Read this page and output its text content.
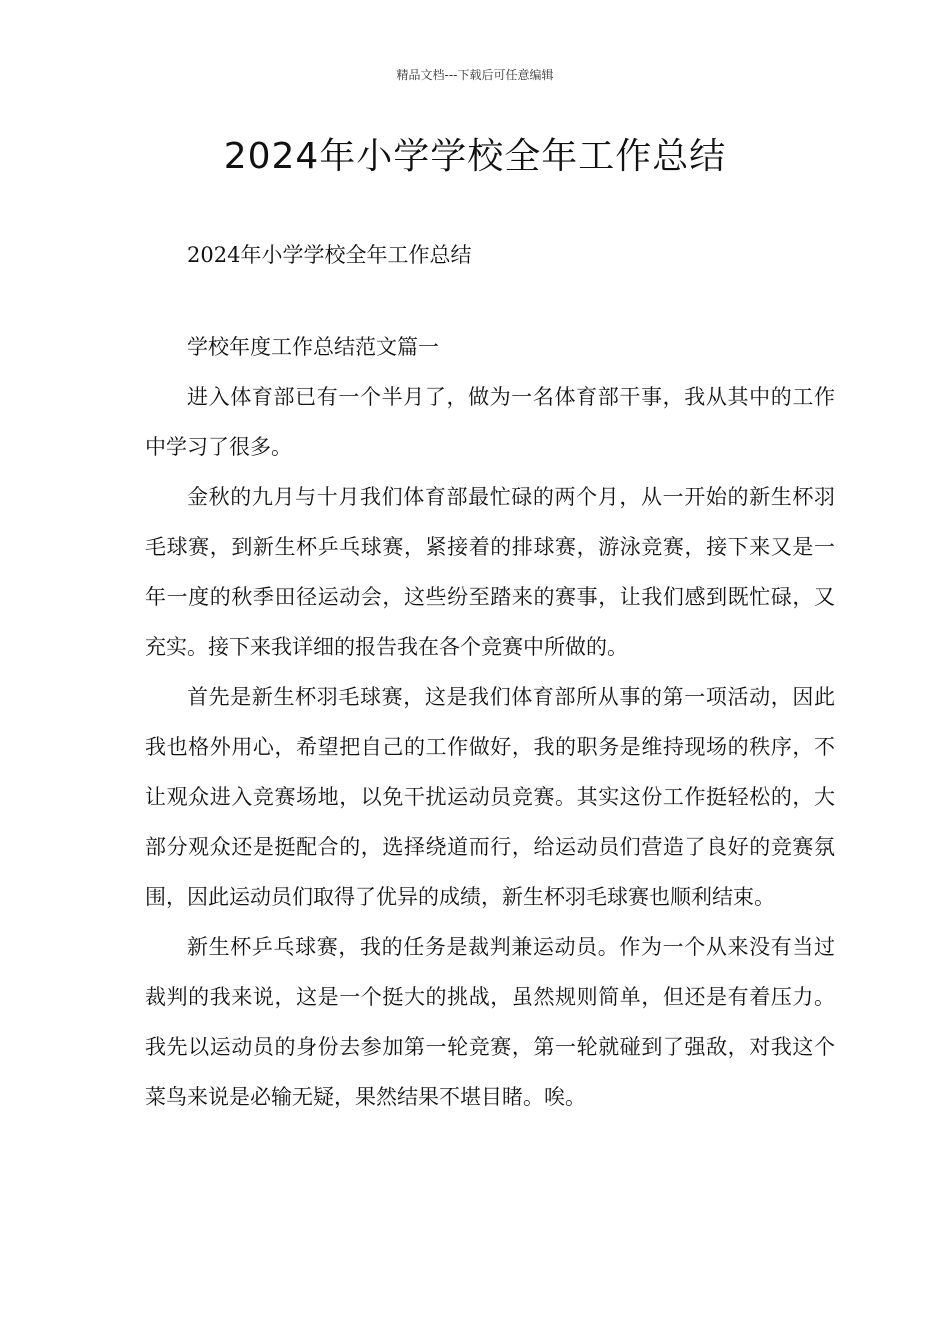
精品文档---下载后可任意编辑
2024年小学学校全年工作总结

2024年小学学校全年工作总结

学校年度工作总结范文篇一

进入体育部已有一个半月了，做为一名体育部干事，我从其中的工作中学习了很多。

金秋的九月与十月我们体育部最忙碌的两个月，从一开始的新生杯羽毛球赛，到新生杯乒乓球赛，紧接着的排球赛，游泳竞赛，接下来又是一年一度的秋季田径运动会，这些纷至踏来的赛事，让我们感到既忙碌，又充实。接下来我详细的报告我在各个竞赛中所做的。

首先是新生杯羽毛球赛，这是我们体育部所从事的第一项活动，因此我也格外用心，希望把自己的工作做好，我的职务是维持现场的秩序，不让观众进入竞赛场地，以免干扰运动员竞赛。其实这份工作挺轻松的，大部分观众还是挺配合的，选择绕道而行，给运动员们营造了良好的竞赛氛围，因此运动员们取得了优异的成绩，新生杯羽毛球赛也顺利结束。

新生杯乒乓球赛，我的任务是裁判兼运动员。作为一个从来没有当过裁判的我来说，这是一个挺大的挑战，虽然规则简单，但还是有着压力。我先以运动员的身份去参加第一轮竞赛，第一轮就碰到了强敌，对我这个菜鸟来说是必输无疑，果然结果不堪目睹。唉。
